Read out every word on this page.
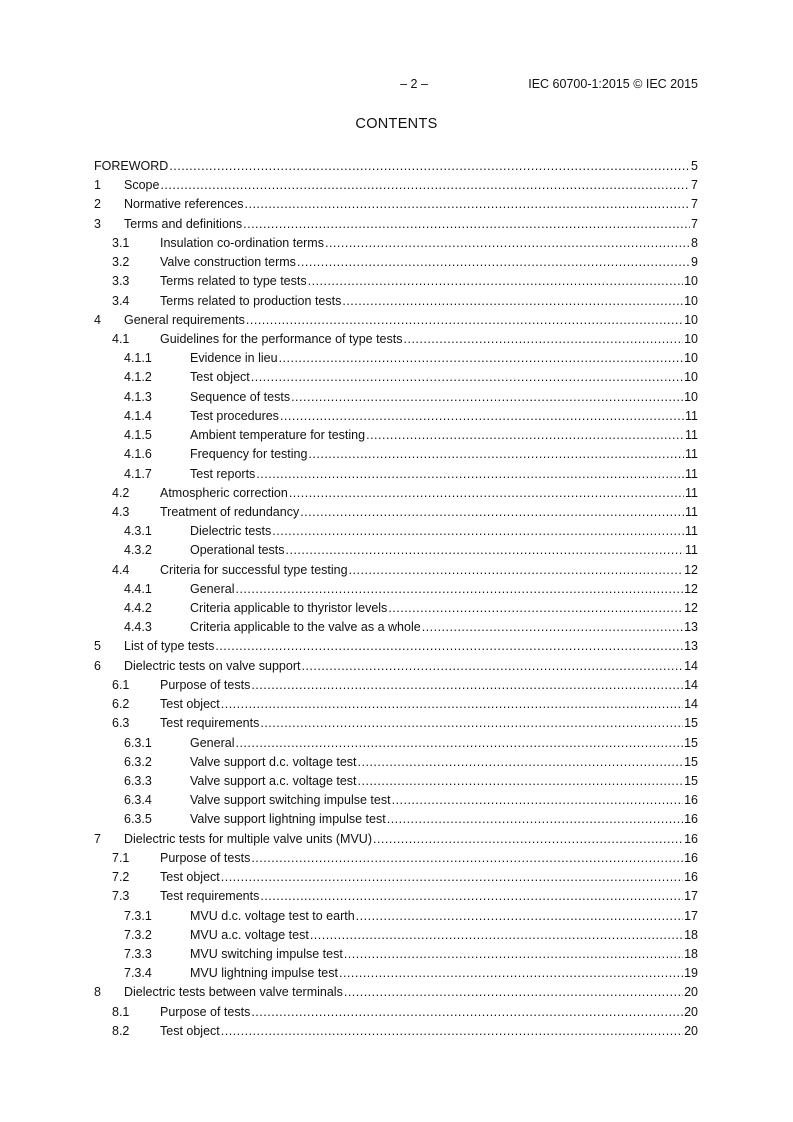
– 2 –	IEC 60700-1:2015 © IEC 2015
CONTENTS
FOREWORD .....	5
1 Scope .....	7
2 Normative references .....	7
3 Terms and definitions .....	7
3.1 Insulation co-ordination terms .....	8
3.2 Valve construction terms .....	9
3.3 Terms related to type tests .....	10
3.4 Terms related to production tests .....	10
4 General requirements .....	10
4.1 Guidelines for the performance of type tests .....	10
4.1.1	Evidence in lieu .....	10
4.1.2	Test object .....	10
4.1.3	Sequence of tests .....	10
4.1.4	Test procedures .....	11
4.1.5	Ambient temperature for testing .....	11
4.1.6	Frequency for testing .....	11
4.1.7	Test reports .....	11
4.2 Atmospheric correction .....	11
4.3 Treatment of redundancy .....	11
4.3.1	Dielectric tests .....	11
4.3.2	Operational tests .....	11
4.4 Criteria for successful type testing .....	12
4.4.1	General .....	12
4.4.2	Criteria applicable to thyristor levels .....	12
4.4.3	Criteria applicable to the valve as a whole .....	13
5 List of type tests .....	13
6 Dielectric tests on valve support .....	14
6.1 Purpose of tests .....	14
6.2 Test object .....	14
6.3 Test requirements .....	15
6.3.1	General .....	15
6.3.2	Valve support d.c. voltage test .....	15
6.3.3	Valve support a.c. voltage test .....	15
6.3.4	Valve support switching impulse test .....	16
6.3.5	Valve support lightning impulse test .....	16
7 Dielectric tests for multiple valve units (MVU) .....	16
7.1 Purpose of tests .....	16
7.2 Test object .....	16
7.3 Test requirements .....	17
7.3.1	MVU d.c. voltage test to earth .....	17
7.3.2	MVU a.c. voltage test .....	18
7.3.3	MVU switching impulse test .....	18
7.3.4	MVU lightning impulse test .....	19
8 Dielectric tests between valve terminals .....	20
8.1 Purpose of tests .....	20
8.2 Test object .....	20
